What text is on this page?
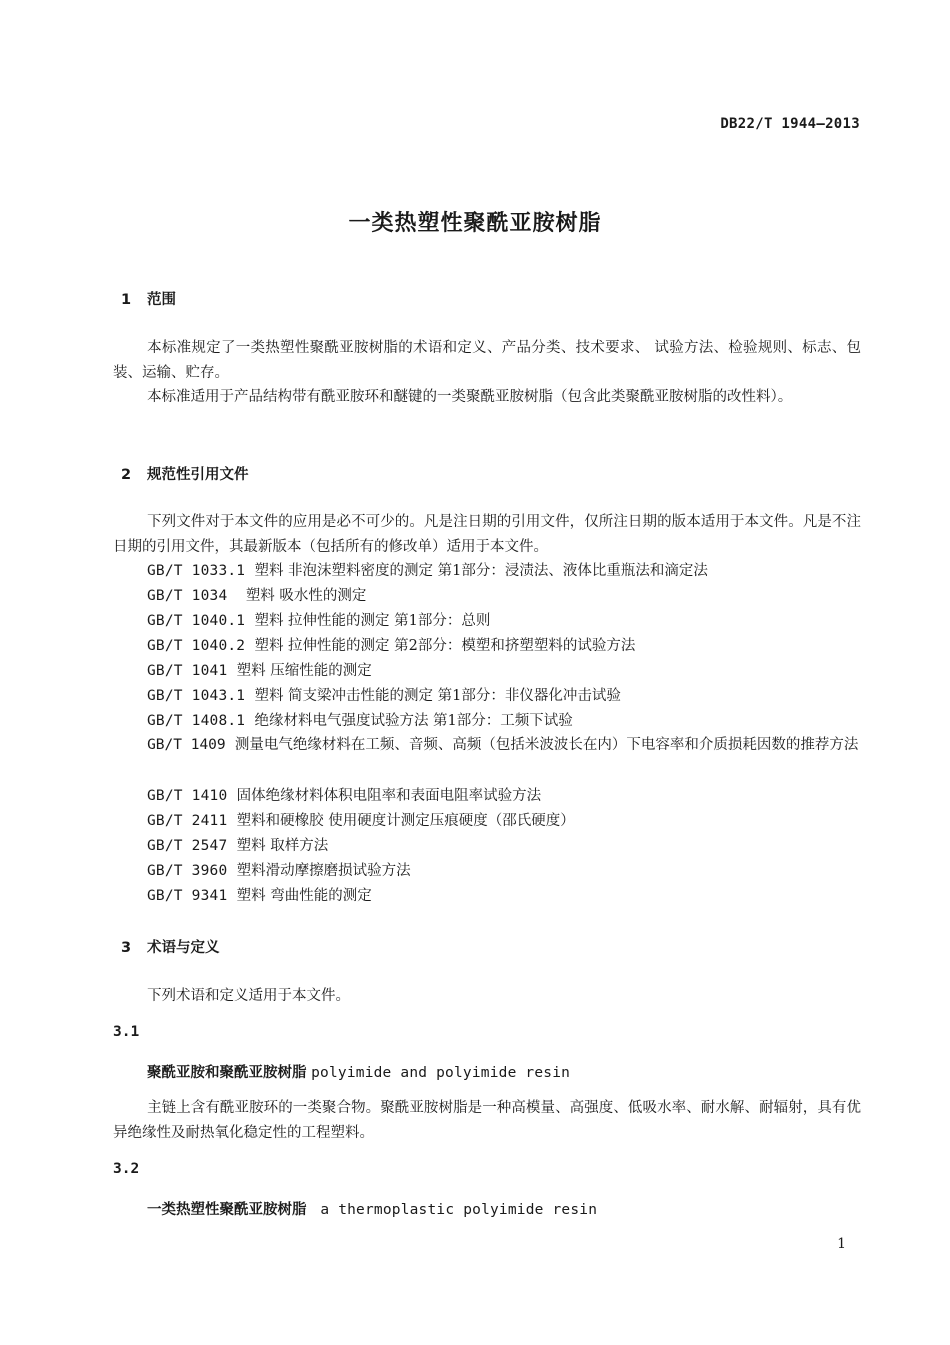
DB22/T 1944—2013
一类热塑性聚酰亚胺树脂
1 范围
本标准规定了一类热塑性聚酰亚胺树脂的术语和定义、产品分类、技术要求、 试验方法、检验规则、标志、包装、运输、贮存。
本标准适用于产品结构带有酰亚胺环和醚键的一类聚酰亚胺树脂（包含此类聚酰亚胺树脂的改性料）。
2 规范性引用文件
下列文件对于本文件的应用是必不可少的。凡是注日期的引用文件，仅所注日期的版本适用于本文件。凡是不注日期的引用文件，其最新版本（包括所有的修改单）适用于本文件。
GB/T 1033.1 塑料 非泡沫塑料密度的测定 第1部分：浸渍法、液体比重瓶法和滴定法
GB/T 1034 塑料 吸水性的测定
GB/T 1040.1 塑料 拉伸性能的测定 第1部分：总则
GB/T 1040.2 塑料 拉伸性能的测定 第2部分：模塑和挤塑塑料的试验方法
GB/T 1041 塑料 压缩性能的测定
GB/T 1043.1 塑料 简支梁冲击性能的测定 第1部分：非仪器化冲击试验
GB/T 1408.1 绝缘材料电气强度试验方法 第1部分：工频下试验
GB/T 1409 测量电气绝缘材料在工频、音频、高频（包括米波波长在内）下电容率和介质损耗因数的推荐方法
GB/T 1410 固体绝缘材料体积电阻率和表面电阻率试验方法
GB/T 2411 塑料和硬橡胶 使用硬度计测定压痕硬度（邵氏硬度）
GB/T 2547 塑料 取样方法
GB/T 3960 塑料滑动摩擦磨损试验方法
GB/T 9341 塑料 弯曲性能的测定
3 术语与定义
下列术语和定义适用于本文件。
3.1
聚酰亚胺和聚酰亚胺树脂 polyimide and polyimide resin
主链上含有酰亚胺环的一类聚合物。聚酰亚胺树脂是一种高模量、高强度、低吸水率、耐水解、耐辐射，具有优异绝缘性及耐热氧化稳定性的工程塑料。
3.2
一类热塑性聚酰亚胺树脂 a thermoplastic polyimide resin
1
